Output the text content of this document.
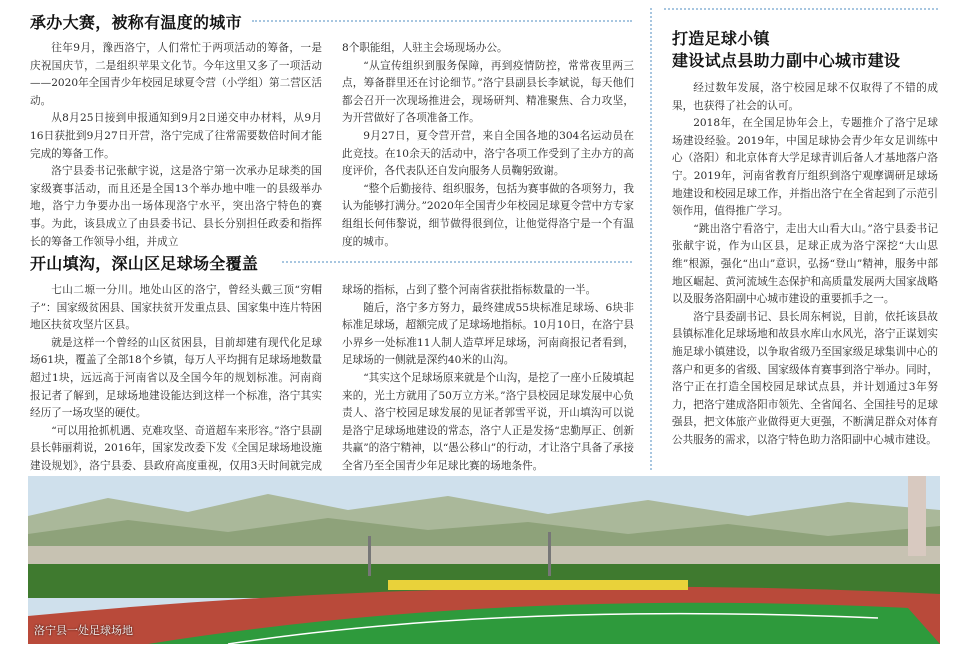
承办大赛，被称有温度的城市

往年9月，豫西洛宁，人们常忙于两项活动的筹备，一是庆祝国庆节，二是组织苹果文化节。今年这里又多了一项活动——2020年全国青少年校园足球夏令营（小学组）第二营区活动。

从8月25日接到申报通知到9月2日递交申办材料，从9月16日获批到9月27日开营，洛宁完成了往常需要数倍时间才能完成的筹备工作。

洛宁县委书记张献宇说，这是洛宁第一次承办足球类的国家级赛事活动，而且还是全国13个举办地中唯一的县级举办地，洛宁力争要办出一场体现洛宁水平，突出洛宁特色的赛事。为此，该县成立了由县委书记、县长分别担任政委和指挥长的筹备工作领导小组，并成立

8个职能组，人驻主会场现场办公。

“从宣传组织到服务保障，再到疫情防控，常常夜里两三点，筹备群里还在讨论细节。”洛宁县副县长李斌说，每天他们都会召开一次现场推进会，现场研判、精准聚焦、合力攻坚，为开营做好了各项准备工作。

9月27日，夏令营开营，来自全国各地的304名运动员在此竞技。在10余天的活动中，洛宁各项工作受到了主办方的高度评价，各代表队还自发向服务人员鞠躬致谢。

“整个后勤接待、组织服务，包括为赛事做的各项努力，我认为能够打满分。”2020年全国青少年校园足球夏令营中方专家组组长何伟黎说，细节做得很到位，让他觉得洛宁是一个有温度的城市。

开山填沟，深山区足球场全覆盖

七山二塬一分川。地处山区的洛宁，曾经头戴三顶“穷帽子”：国家级贫困县、国家扶贫开发重点县、国家集中连片特困地区扶贫攻坚片区县。

就是这样一个曾经的山区贫困县，目前却建有现代化足球场61块，覆盖了全部18个乡镇，每万人平均拥有足球场地数量超过1块，远远高于河南省以及全国今年的规划标准。河南商报记者了解到，足球场地建设能达到这样一个标准，洛宁其实经历了一场攻坚的硬仗。

“可以用抢抓机遇、克难攻坚、奇道超车来形容。”洛宁县副县长韩丽莉说，2016年，国家发改委下发《全国足球场地设施建设规划》，洛宁县委、县政府高度重视，仅用3天时间就完成

球场的指标，占到了整个河南省获批指标数量的一半。

随后，洛宁多方努力，最终建成55块标准足球场、6块非标准足球场，超额完成了足球场地指标。10月10日，在洛宁县小界乡一处标准11人制人造草坪足球场，河南商报记者看到，足球场的一侧就是深约40米的山沟。

“其实这个足球场原来就是个山沟，是挖了一座小丘陵填起来的，光土方就用了50万立方米。”洛宁县校园足球发展中心负责人、洛宁校园足球发展的见证者郭雪平说，开山填沟可以说是洛宁足球场地建设的常态，洛宁人正是发扬“忠勤厚正、创新共赢”的洛宁精神，以“愚公移山”的行动，才让洛宁具备了承接全省乃至全国青少年足球比赛的场地条件。

打造足球小镇
建设试点县助力副中心城市建设

经过数年发展，洛宁校园足球不仅取得了不错的成果，也获得了社会的认可。

2018年，在全国足协年会上，专题推介了洛宁足球场建设经验。2019年，中国足球协会青少年女足训练中心（洛阳）和北京体育大学足球青训后备人才基地落户洛宁。2019年，河南省教育厅组织到洛宁观摩调研足球场地建设和校园足球工作，并指出洛宁在全省起到了示范引领作用，值得推广学习。

“跳出洛宁看洛宁，走出大山看大山。”洛宁县委书记张献宇说，作为山区县，足球正成为洛宁深挖“大山思维”根源，强化“出山”意识，弘扬“登山”精神，服务中部地区崛起、黄河流域生态保护和高质量发展两大国家战略以及服务洛阳副中心城市建设的重要抓手之一。

洛宁县委副书记、县长周东柯说，目前，依托该县故县镇标准化足球场地和故县水库山水风光，洛宁正谋划实施足球小镇建设，以争取省级乃至国家级足球集训中心的落户和更多的省级、国家级体育赛事到洛宁举办。同时，洛宁正在打造全国校园足球试点县，并计划通过3年努力，把洛宁建成洛阳市领先、全省闻名、全国挂号的足球强县，把文体旅产业做得更大更强，不断满足群众对体育公共服务的需求，以洛宁特色助力洛阳副中心城市建设。

洛宁县一处足球场地
